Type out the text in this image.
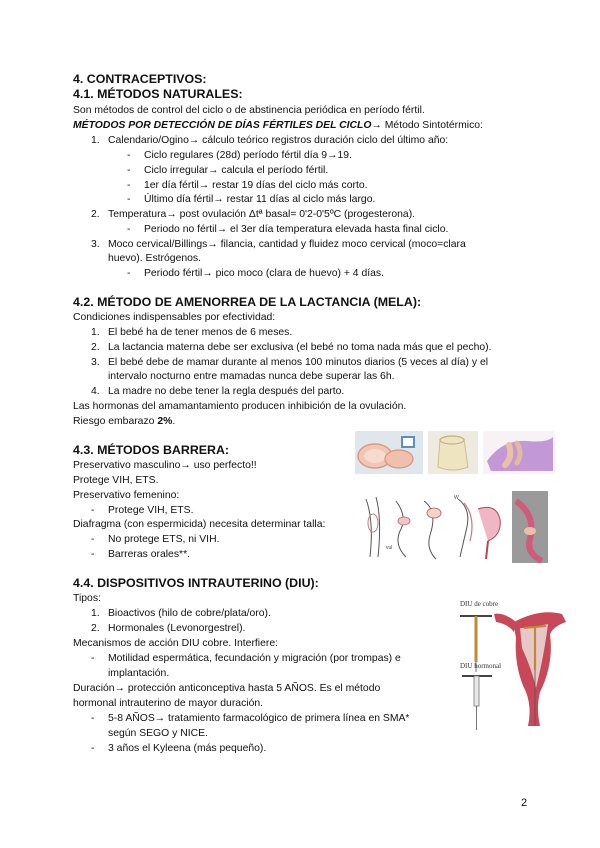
4. CONTRACEPTIVOS:
4.1. MÉTODOS NATURALES:
Son métodos de control del ciclo o de abstinencia periódica en período fértil.
MÉTODOS POR DETECCIÓN DE DÍAS FÉRTILES DEL CICLO→ Método Sintotérmico:
1. Calendario/Ogino→ cálculo teórico registros duración ciclo del último año:
- Ciclo regulares (28d) período fértil día 9→19.
- Ciclo irregular→ calcula el período fértil.
- 1er día fértil→ restar 19 días del ciclo más corto.
- Último día fértil→ restar 11 días al ciclo más largo.
2. Temperatura→ post ovulación Δtª basal= 0'2-0'5ºC (progesterona).
- Periodo no fértil→ el 3er día temperatura elevada hasta final ciclo.
3. Moco cervical/Billings→ filancia, cantidad y fluidez moco cervical (moco=clara
huevo). Estrógenos.
- Periodo fértil→ pico moco (clara de huevo) + 4 días.
4.2. MÉTODO DE AMENORREA DE LA LACTANCIA (MELA):
Condiciones indispensables por efectividad:
1. El bebé ha de tener menos de 6 meses.
2. La lactancia materna debe ser exclusiva (el bebé no toma nada más que el pecho).
3. El bebé debe de mamar durante al menos 100 minutos diarios (5 veces al día) y el
intervalo nocturno entre mamadas nunca debe superar las 6h.
4. La madre no debe tener la regla después del parto.
Las hormonas del amamantamiento producen inhibición de la ovulación.
Riesgo embarazo 2%.
4.3. MÉTODOS BARRERA:
Preservativo masculino→ uso perfecto!!
Protege VIH, ETS.
Preservativo femenino:
- Protege VIH, ETS.
Diafragma (con espermicida) necesita determinar talla:
- No protege ETS, ni VIH.
- Barreras orales**.
vul
W
4.4. DISPOSITIVOS INTRAUTERINO (DIU):
Tipos:
1. Bioactivos (hilo de cobre/plata/oro).
2. Hormonales (Levonorgestrel).
Mecanismos de acción DIU cobre. Interfiere:
- Motilidad espermática, fecundación y migración (por trompas) e
implantación.
Duración→ protección anticonceptiva hasta 5 AÑOS. Es el método
hormonal intrauterino de mayor duración.
- 5-8 AÑOS→ tratamiento farmacológico de primera línea en SMA*
según SEGO y NICE.
- 3 años el Kyleena (más pequeño).
DIU de cobre
DIU hormonal
2
